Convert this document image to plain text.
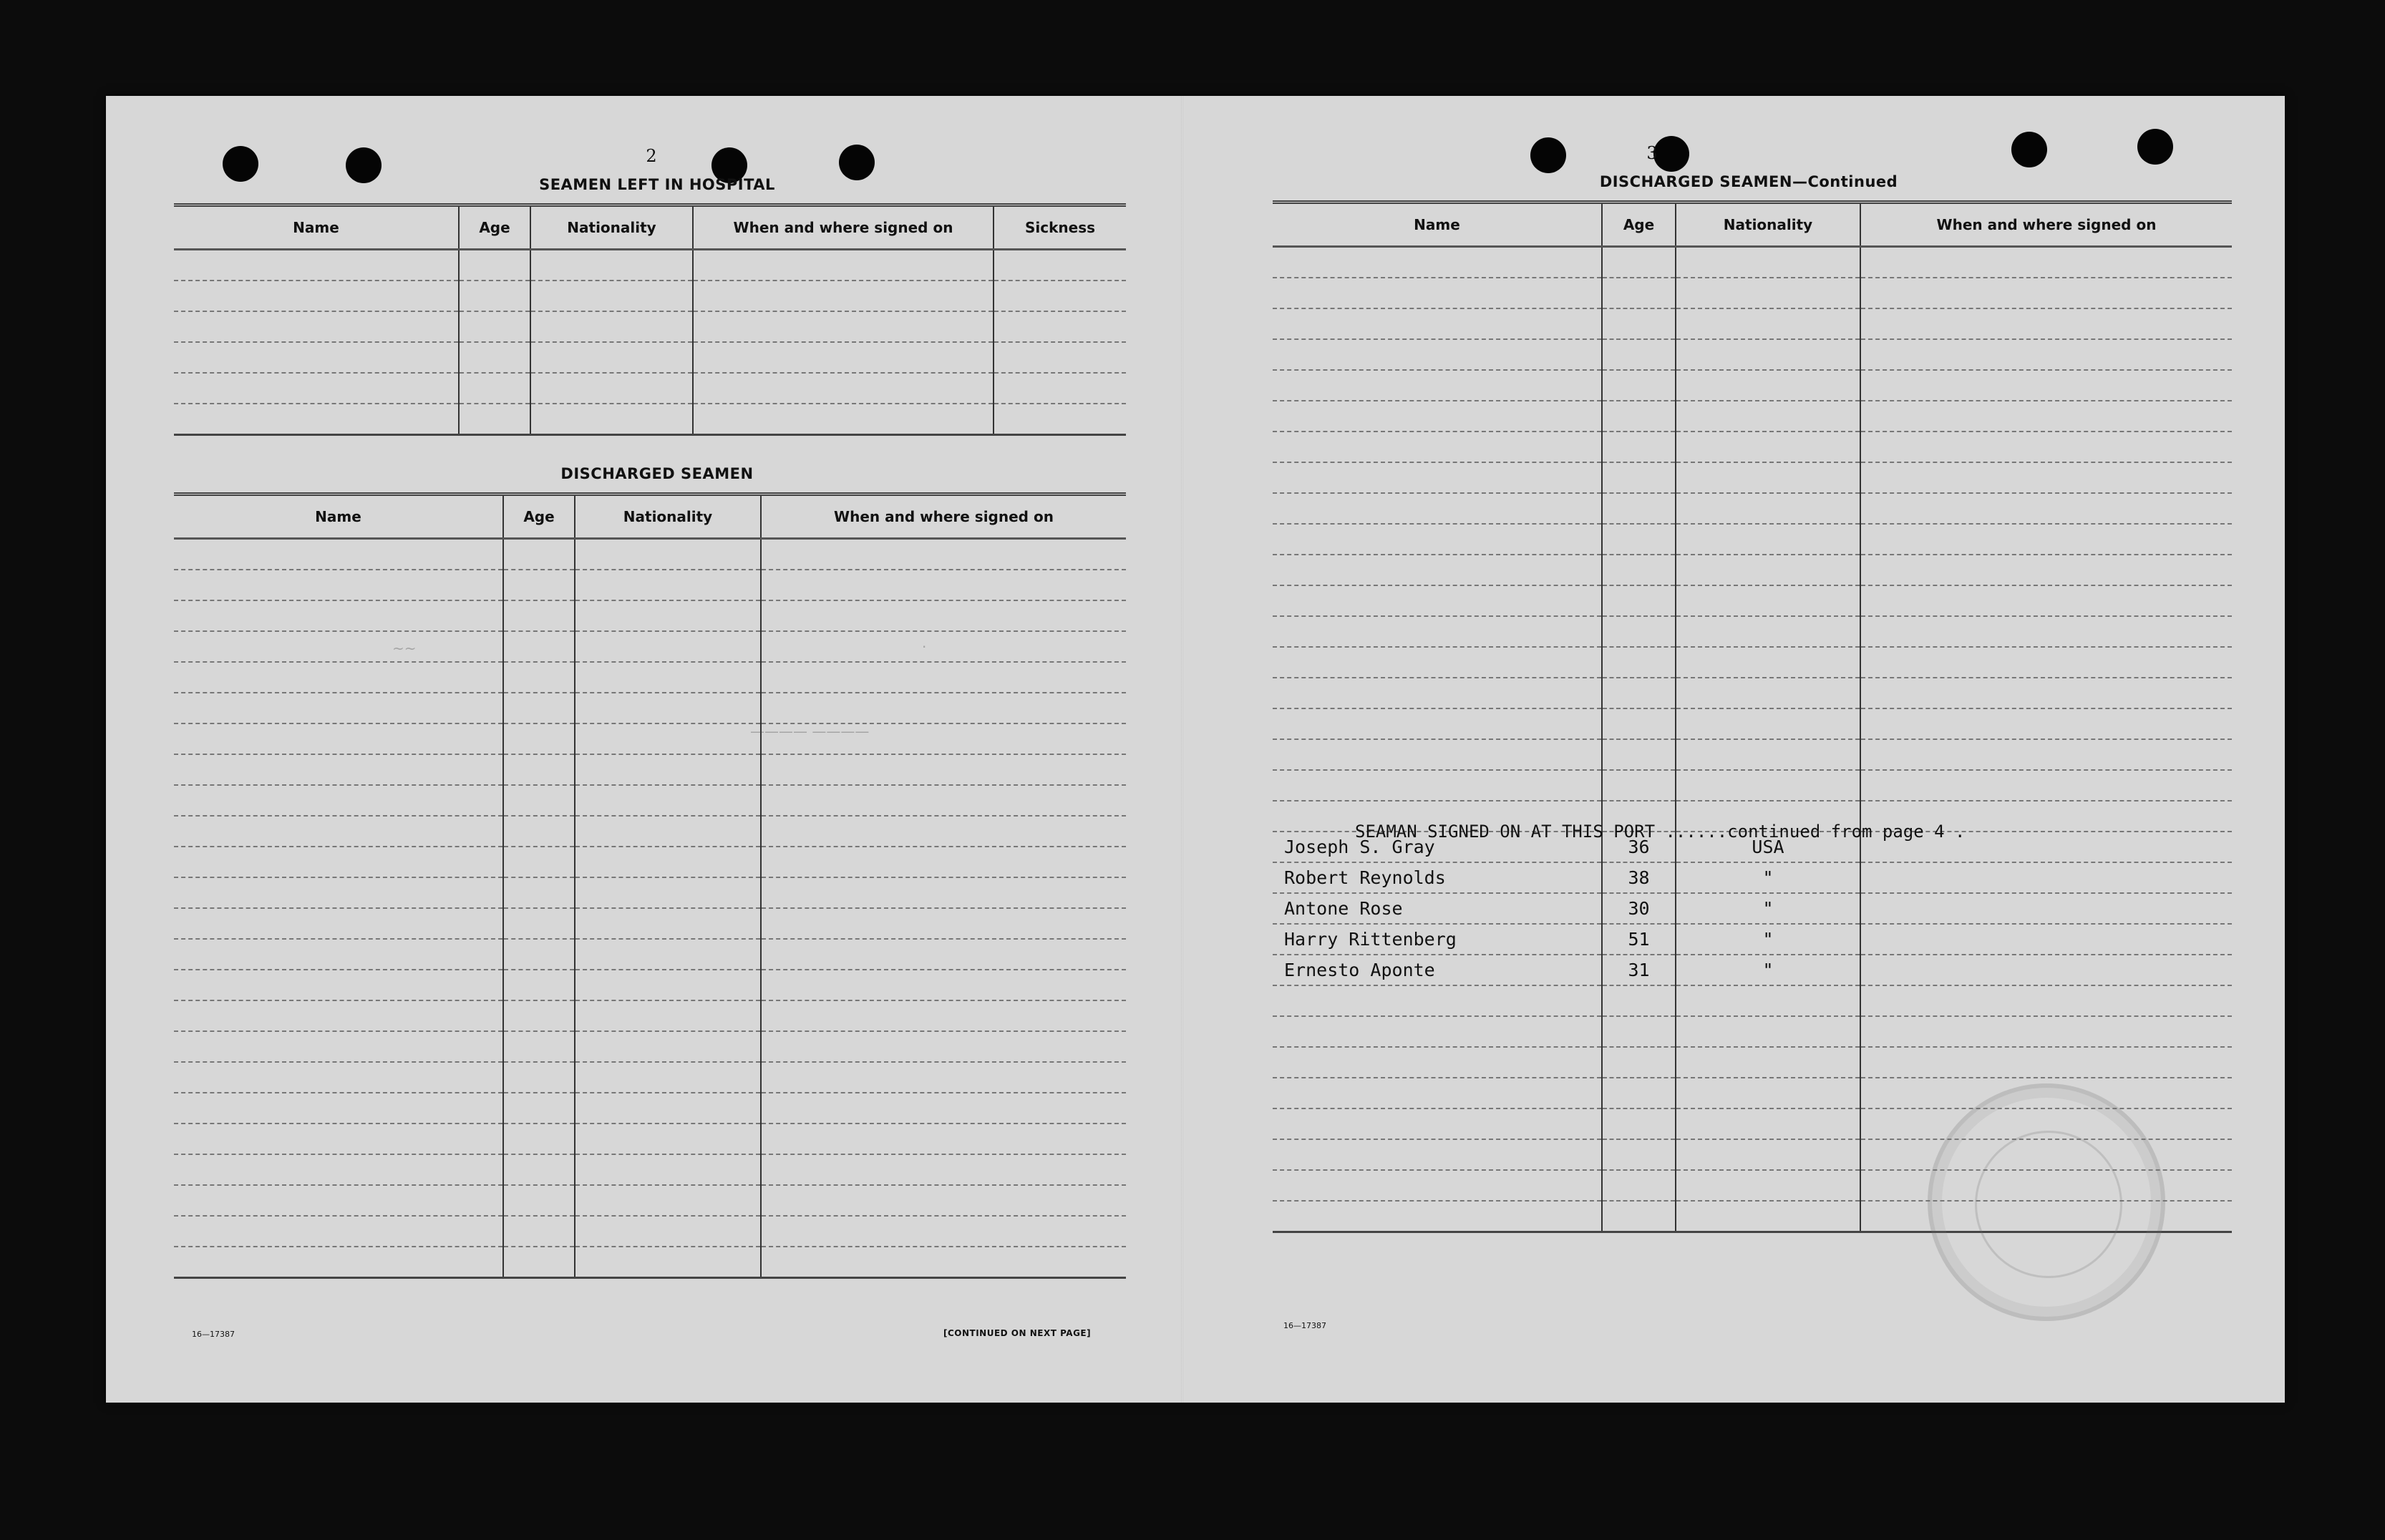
2
SEAMEN LEFT IN HOSPITAL
Name	Age	Nationality	When and where signed on	Sickness

DISCHARGED SEAMEN
Name	Age	Nationality	When and where signed on

~~
———— ————
·
16—17387	[CONTINUED ON NEXT PAGE]
3
DISCHARGED SEAMEN—Continued
Name	Age	Nationality	When and where signed on

Joseph S. Gray	36	USA	
Robert Reynolds	38	"	
Antone Rose	30	"	
Harry Rittenberg	51	"	
Ernesto Aponte	31	"	

SEAMAN SIGNED ON AT THIS PORT ......continued from page 4 .
16—17387
